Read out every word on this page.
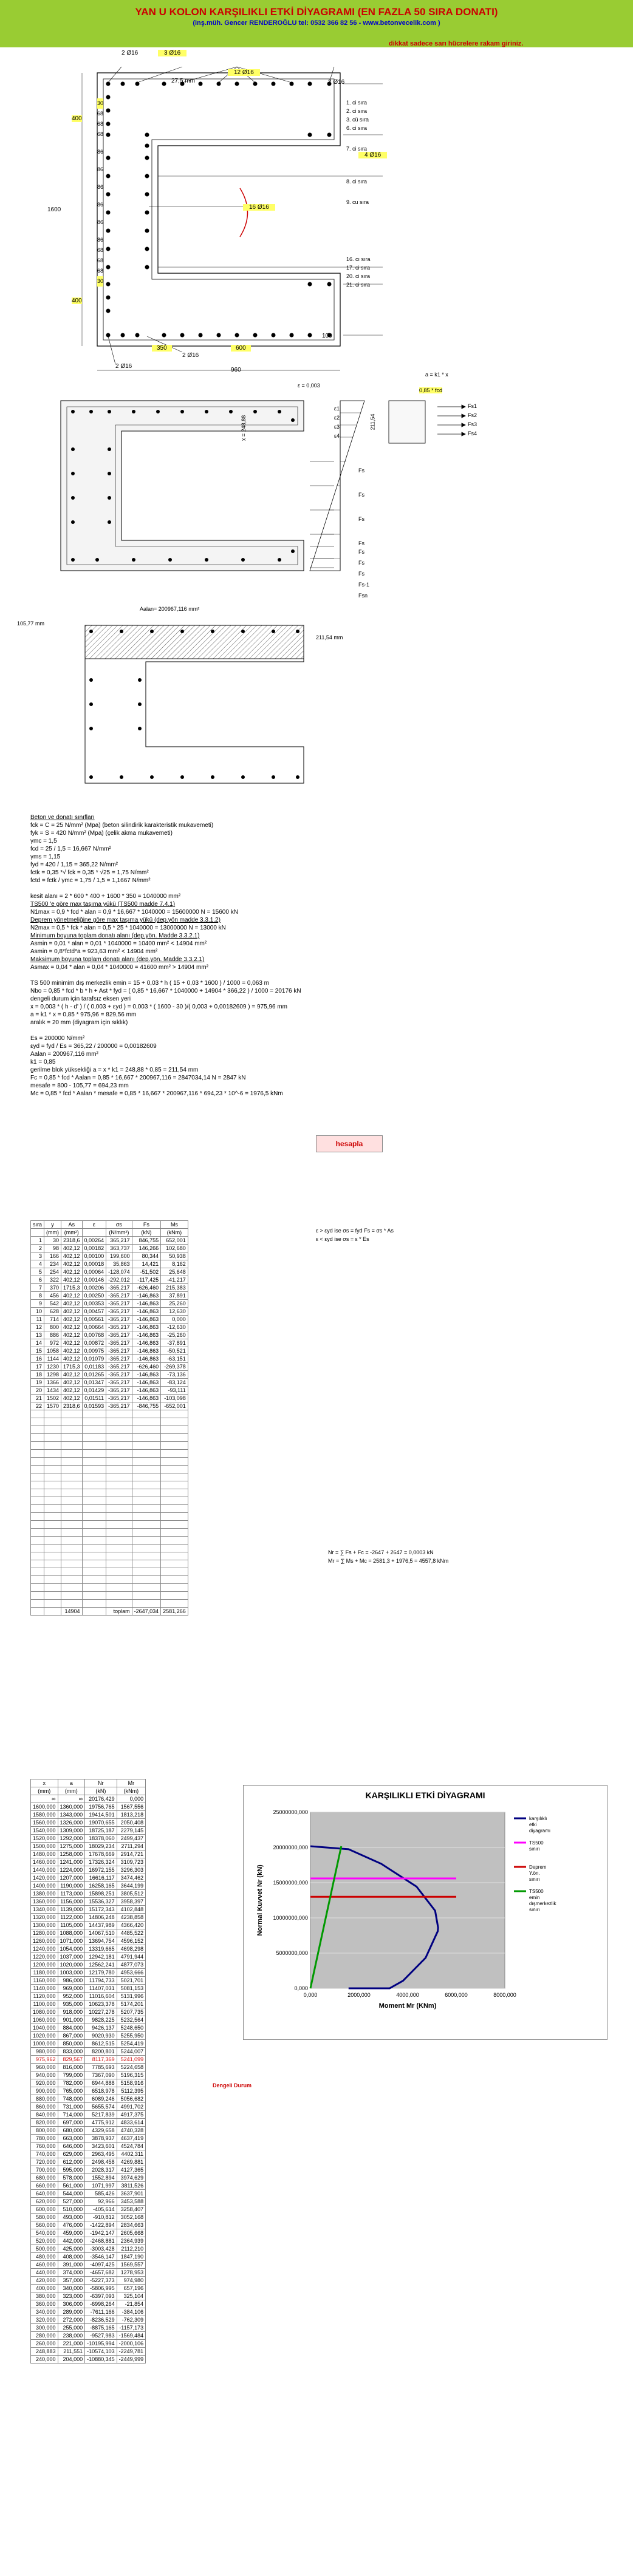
YAN U KOLON KARŞILIKLI ETKİ DİYAGRAMI (EN FAZLA 50 SIRA DONATI)
(inş.müh. Gencer RENDEROĞLU tel: 0532 366 82 56 - www.betonvecelik.com )
dikkat sadece sarı hücrelere rakam giriniz.
2 Ø16	3 Ø16
12 Ø16
2 Ø16
4 Ø16
16 Ø16
2 Ø16
2 Ø16
27,5 mm
400
1600
400
350	600
100
960
30
68
68
68
86
86
86
86
86
86
68
68
68
30
1. ci sıra
2. ci sıra
3. cü sıra
6. ci sıra
7. ci sıra
8. ci sıra
9. cu sıra
16. cı sıra
17. ci sıra
20. ci sıra
21. ci sıra
ε = 0,003
a = k1 * x
0,85 * fcd
x = 248,88	211,54
ε1
ε2
ε3
ε4
Fs1
Fs2
Fs3
Fs4
Fs
Fs
Fs
Fs
Fs
Fs
Fs
Fs-1
Fsn
Aalan= 200967,116 mm²
105,77 mm
211,54 mm
Beton ve donatı sınıfları
fck = C = 25 N/mm² (Mpa) (beton silindirik karakteristik mukavemeti)
fyk = S = 420 N/mm² (Mpa) (çelik akma mukavemeti)
γmc = 1,5
fcd = 25 / 1,5 = 16,667 N/mm²
γms = 1,15
fyd = 420 / 1,15 = 365,22 N/mm²
fctk = 0,35 *√ fck = 0,35 * √25 = 1,75 N/mm²
fctd = fctk / γmc = 1,75 / 1,5 = 1,1667 N/mm²
kesit alanı = 2 * 600 * 400 + 1600 * 350 = 1040000 mm²
TS500 'e göre max taşıma yükü (TS500 madde 7.4.1)
N1max = 0,9 * fcd * alan = 0,9 * 16,667 * 1040000 = 15600000 N = 15600 kN
Deprem yönetmeliğine göre max taşıma yükü (dep.yön madde 3.3.1.2)
N2max = 0,5 * fck * alan = 0,5 * 25 * 1040000 = 13000000 N = 13000 kN
Minimum boyuna toplam donatı alanı (dep.yön. Madde 3.3.2.1)
Asmin = 0,01 * alan = 0,01 * 1040000 = 10400 mm² < 14904 mm²
Asmin = 0,8*fctd*a = 923,63 mm² < 14904 mm²
Maksimum boyuna toplam donatı alanı (dep.yön. Madde 3.3.2.1)
Asmax = 0,04 * alan = 0,04 * 1040000 = 41600 mm² > 14904 mm²
TS 500 minimim dış merkezlik emin = 15 + 0,03 * h ( 15 + 0,03 * 1600 ) / 1000 = 0,063 m
Nbo = 0,85 * fcd * b * h + Ast * fyd = ( 0,85 * 16,667 * 1040000 + 14904 * 366,22 ) / 1000 = 20176 kN
dengeli durum için tarafsız eksen yeri
x = 0,003 * ( h - d' ) / ( 0,003 + εyd ) = 0,003 * ( 1600 - 30 )/( 0,003 + 0,00182609 ) = 975,96 mm
a = k1 * x = 0,85 * 975,96 = 829,56 mm
aralık = 20 mm (diyagram için sıklık)
Es = 200000 N/mm²
εyd = fyd / Es = 365,22 / 200000 = 0,00182609
Aalan = 200967,116 mm²
k1 = 0,85
gerilme blok yüksekliği a = x * k1 = 248,88 * 0,85 = 211,54 mm
Fc = 0,85 * fcd * Aalan = 0,85 * 16,667 * 200967,116 = 2847034,14 N = 2847 kN
mesafe = 800 - 105,77 = 694,23 mm
Mc = 0,85 * fcd * Aalan * mesafe = 0,85 * 16,667 * 200967,116 * 694,23 * 10^-6 = 1976,5 kNm
hesapla
ε > εyd ise σs = fyd Fs = σs * As
ε < εyd ise σs = ε * Es
sıra	y	As	ε	σs	Fs	Ms
	(mm)	(mm²)		(N/mm²)	(kN)	(kNm)
1	30	2318,6	0,00264	365,217	846,755	652,001
2	98	402,12	0,00182	363,737	146,266	102,680
3	166	402,12	0,00100	199,600	80,344	50,938
4	234	402,12	0,00018	35,863	14,421	8,162
5	254	402,12	0,00064	-128,074	-51,502	25,648
6	322	402,12	0,00146	-292,012	-117,425	-41,217
7	370	1715,3	0,00206	-365,217	-626,460	215,383
8	456	402,12	0,00250	-365,217	-146,863	37,891
9	542	402,12	0,00353	-365,217	-146,863	25,260
10	628	402,12	0,00457	-365,217	-146,863	12,630
11	714	402,12	0,00561	-365,217	-146,863	0,000
12	800	402,12	0,00664	-365,217	-146,863	-12,630
13	886	402,12	0,00768	-365,217	-146,863	-25,260
14	972	402,12	0,00872	-365,217	-146,863	-37,891
15	1058	402,12	0,00975	-365,217	-146,863	-50,521
16	1144	402,12	0,01079	-365,217	-146,863	-63,151
17	1230	1715,3	0,01183	-365,217	-626,460	-269,378
18	1298	402,12	0,01265	-365,217	-146,863	-73,136
19	1366	402,12	0,01347	-365,217	-146,863	-83,124
20	1434	402,12	0,01429	-365,217	-146,863	-93,111
21	1502	402,12	0,01511	-365,217	-146,863	-103,098
22	1570	2318,6	0,01593	-365,217	-846,755	-652,001

		14904		toplam	-2647,034	2581,266
Nr = ∑ Fs + Fc = -2647 + 2647 = 0,0003 kN
Mr = ∑ Ms + Mc = 2581,3 + 1976,5 = 4557,8 kNm
x	a	Nr	Mr
(mm)	(mm)	(kN)	(kNm)
∞	∞	20176,429	0,000
1600,000	1360,000	19756,765	1567,556
1580,000	1343,000	19414,501	1813,218
1560,000	1326,000	19070,655	2050,408
1540,000	1309,000	18725,187	2279,145
1520,000	1292,000	18378,060	2499,437
1500,000	1275,000	18029,234	2711,294
1480,000	1258,000	17678,669	2914,721
1460,000	1241,000	17326,324	3109,723
1440,000	1224,000	16972,155	3296,303
1420,000	1207,000	16616,117	3474,462
1400,000	1190,000	16258,165	3644,199
1380,000	1173,000	15898,251	3805,512
1360,000	1156,000	15536,327	3958,397
1340,000	1139,000	15172,343	4102,848
1320,000	1122,000	14806,248	4238,858
1300,000	1105,000	14437,989	4366,420
1280,000	1088,000	14067,510	4485,522
1260,000	1071,000	13694,754	4596,152
1240,000	1054,000	13319,665	4698,298
1220,000	1037,000	12942,181	4791,944
1200,000	1020,000	12562,241	4877,073
1180,000	1003,000	12179,780	4953,666
1160,000	986,000	11794,733	5021,701
1140,000	969,000	11407,031	5081,153
1120,000	952,000	11016,604	5131,996
1100,000	935,000	10623,378	5174,201
1080,000	918,000	10227,278	5207,735
1060,000	901,000	9828,225	5232,564
1040,000	884,000	9426,137	5248,650
1020,000	867,000	9020,930	5255,950
1000,000	850,000	8612,515	5254,419
980,000	833,000	8200,801	5244,007
975,962	829,567	8117,369	5241,099
960,000	816,000	7785,693	5224,658
940,000	799,000	7367,090	5196,315
920,000	782,000	6944,888	5158,916
900,000	765,000	6518,978	5112,395
880,000	748,000	6089,246	5056,682
860,000	731,000	5655,574	4991,702
840,000	714,000	5217,839	4917,375
820,000	697,000	4775,912	4833,614
800,000	680,000	4329,658	4740,328
780,000	663,000	3878,937	4637,419
760,000	646,000	3423,601	4524,784
740,000	629,000	2963,495	4402,311
720,000	612,000	2498,458	4269,881
700,000	595,000	2028,317	4127,365
680,000	578,000	1552,894	3974,629
660,000	561,000	1071,997	3811,526
640,000	544,000	585,426	3637,901
620,000	527,000	92,966	3453,588
600,000	510,000	-405,614	3258,407
580,000	493,000	-910,812	3052,168
560,000	476,000	-1422,894	2834,663
540,000	459,000	-1942,147	2605,668
520,000	442,000	-2468,881	2364,939
500,000	425,000	-3003,428	2112,210
480,000	408,000	-3546,147	1847,190
460,000	391,000	-4097,425	1569,557
440,000	374,000	-4657,682	1278,953
420,000	357,000	-5227,373	974,980
400,000	340,000	-5806,995	657,196
380,000	323,000	-6397,093	325,104
360,000	306,000	-6998,264	-21,854
340,000	289,000	-7611,166	-384,106
320,000	272,000	-8236,529	-762,309
300,000	255,000	-8875,165	-1157,173
280,000	238,000	-9527,983	-1569,484
260,000	221,000	-10195,994	-2000,106
248,883	211,551	-10574,103	-2249,781
240,000	204,000	-10880,345	-2449,999
Dengeli Durum
KARŞILIKLI ETKİ DİYAGRAMI
0,000
5000000,000
10000000,000
15000000,000
20000000,000
25000000,000
0,000	2000,000	4000,000	6000,000	8000,000
Moment Mr (KNm)
Normal Kuvvet Nr (kN)
karşılıklı
etki
diyagramı
TS500
sınırı
Deprem
Y.ön.
sınırı
TS500
emin
dışmerkezlik
sınırı
